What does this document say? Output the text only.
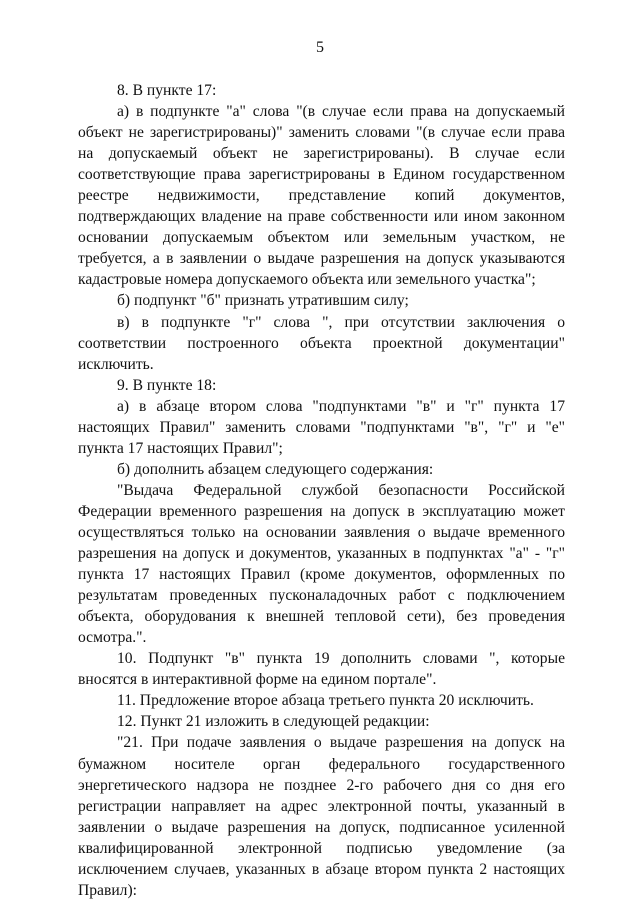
5

8. В пункте 17:

а) в подпункте "а" слова "(в случае если права на допускаемый объект не зарегистрированы)" заменить словами "(в случае если права на допускаемый объект не зарегистрированы). В случае если соответствующие права зарегистрированы в Едином государственном реестре недвижимости, представление копий документов, подтверждающих владение на праве собственности или ином законном основании допускаемым объектом или земельным участком, не требуется, а в заявлении о выдаче разрешения на допуск указываются кадастровые номера допускаемого объекта или земельного участка";

б) подпункт "б" признать утратившим силу;

в) в подпункте "г" слова ", при отсутствии заключения о соответствии построенного объекта проектной документации" исключить.

9. В пункте 18:

а) в абзаце втором слова "подпунктами "в" и "г" пункта 17 настоящих Правил" заменить словами "подпунктами "в", "г" и "е" пункта 17 настоящих Правил";

б) дополнить абзацем следующего содержания:

"Выдача Федеральной службой безопасности Российской Федерации временного разрешения на допуск в эксплуатацию может осуществляться только на основании заявления о выдаче временного разрешения на допуск и документов, указанных в подпунктах "а" - "г" пункта 17 настоящих Правил (кроме документов, оформленных по результатам проведенных пусконаладочных работ с подключением объекта, оборудования к внешней тепловой сети), без проведения осмотра.".

10. Подпункт "в" пункта 19 дополнить словами ", которые вносятся в интерактивной форме на едином портале".

11. Предложение второе абзаца третьего пункта 20 исключить.

12. Пункт 21 изложить в следующей редакции:

"21. При подаче заявления о выдаче разрешения на допуск на бумажном носителе орган федерального государственного энергетического надзора не позднее 2-го рабочего дня со дня его регистрации направляет на адрес электронной почты, указанный в заявлении о выдаче разрешения на допуск, подписанное усиленной квалифицированной электронной подписью уведомление (за исключением случаев, указанных в абзаце втором пункта 2 настоящих Правил):
